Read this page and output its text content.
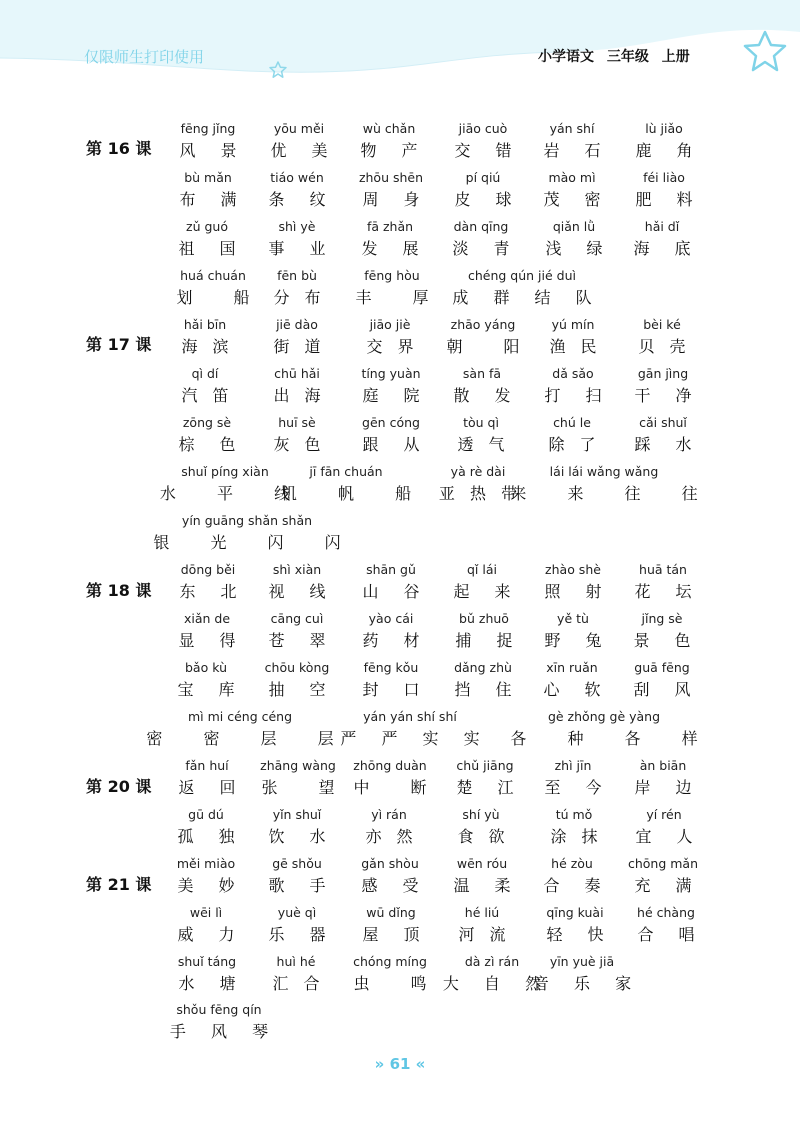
仅限师生打印使用	小学语文 三年级 上册
第 16 课
fēng jǐng
风 景
yōu měi
优 美
wù chǎn
物 产
jiāo cuò
交 错
yán shí
岩 石
lù jiǎo
鹿 角
bù mǎn
布 满
tiáo wén
条 纹
zhōu shēn
周 身
pí qiú
皮 球
mào mì
茂 密
féi liào
肥 料
zǔ guó
祖 国
shì yè
事 业
fā zhǎn
发 展
dàn qīng
淡 青
qiǎn lǜ
浅 绿
hǎi dǐ
海 底
huá chuán
划 船
fēn bù
分 布
fēng hòu
丰 厚
chéng qún jié duì
成 群 结 队
第 17 课
hǎi bīn
海 滨
jiē dào
街 道
jiāo jiè
交 界
zhāo yáng
朝 阳
yú mín
渔 民
bèi ké
贝 壳
qì dí
汽 笛
chū hǎi
出 海
tíng yuàn
庭 院
sàn fā
散 发
dǎ sǎo
打 扫
gān jìng
干 净
zōng sè
棕 色
huī sè
灰 色
gēn cóng
跟 从
tòu qì
透 气
chú le
除 了
cǎi shuǐ
踩 水
shuǐ píng xiàn
水 平 线
jī fān chuán
机 帆 船
yà rè dài
亚 热 带
lái lái wǎng wǎng
来 来 往 往
yín guāng shǎn shǎn
银 光 闪 闪
第 18 课
dōng běi
东 北
shì xiàn
视 线
shān gǔ
山 谷
qǐ lái
起 来
zhào shè
照 射
huā tán
花 坛
xiǎn de
显 得
cāng cuì
苍 翠
yào cái
药 材
bǔ zhuō
捕 捉
yě tù
野 兔
jǐng sè
景 色
bǎo kù
宝 库
chōu kòng
抽 空
fēng kǒu
封 口
dǎng zhù
挡 住
xīn ruǎn
心 软
guā fēng
刮 风
mì mi céng céng
密 密 层 层
yán yán shí shí
严 严 实 实
gè zhǒng gè yàng
各 种 各 样
第 20 课
fǎn huí
返 回
zhāng wàng
张 望
zhōng duàn
中 断
chǔ jiāng
楚 江
zhì jīn
至 今
àn biān
岸 边
gū dú
孤 独
yǐn shuǐ
饮 水
yì rán
亦 然
shí yù
食 欲
tú mǒ
涂 抹
yí rén
宜 人
第 21 课
měi miào
美 妙
gē shǒu
歌 手
gǎn shòu
感 受
wēn róu
温 柔
hé zòu
合 奏
chōng mǎn
充 满
wēi lì
威 力
yuè qì
乐 器
wū dǐng
屋 顶
hé liú
河 流
qīng kuài
轻 快
hé chàng
合 唱
shuǐ táng
水 塘
huì hé
汇 合
chóng míng
虫 鸣
dà zì rán
大 自 然
yīn yuè jiā
音 乐 家
shǒu fēng qín
手 风 琴
» 61 «
